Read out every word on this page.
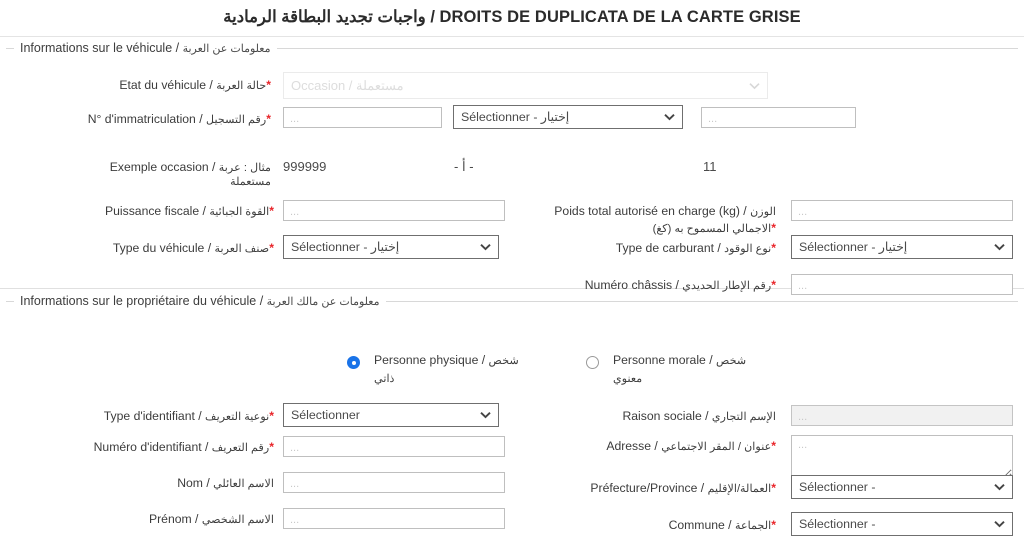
واجبات تجديد البطاقة الرمادية / DROITS DE DUPLICATA DE LA CARTE GRISE
Informations sur le véhicule / معلومات عن العربة
Etat du véhicule / حالة العربة*
Occasion / مستعملة
N° d'immatriculation / رقم التسجيل*
...
Sélectionner - إختيار
...
Exemple occasion / مثال : عربة مستعملة
999999	- أ -	11
Puissance fiscale / القوة الجبائية*
...
Type du véhicule / صنف العربة*
Sélectionner - إختيار
Poids total autorisé en charge (kg) / الوزن الاجمالي المسموح به (كغ)*
...
Type de carburant / نوع الوقود*
Sélectionner - إختيار
Numéro châssis / رقم الإطار الحديدي*
...
Informations sur le propriétaire du véhicule / معلومات عن مالك العربة
Personne physique / شخص ذاتي
Personne morale / شخص معنوي
Type d'identifiant / نوعية التعريف*
Sélectionner
Numéro d'identifiant / رقم التعريف*
...
Nom / الاسم العائلي
...
Prénom / الاسم الشخصي
...
Raison sociale / الإسم التجاري
...
Adresse / عنوان / المقر الاجتماعي*
...
Préfecture/Province / العمالة/الإقليم*
Sélectionner -
Commune / الجماعة*
Sélectionner -
